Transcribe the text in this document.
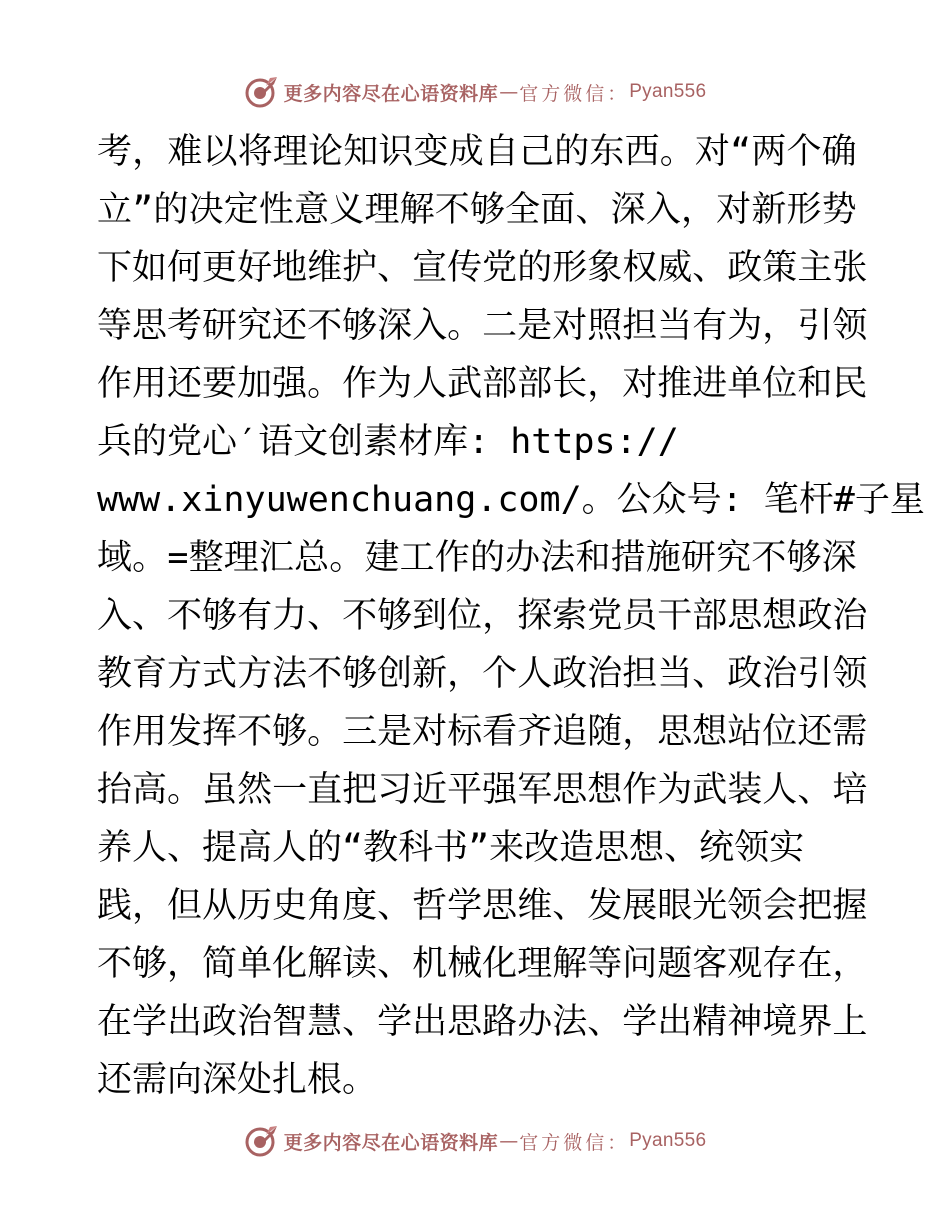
更多内容尽在心语资料库 — 官方微信： Pyan556
考 ， 难 以 将 理 论 知 识 变 成 自 己 的 东 西 。 对 “ 两 个 确
立 ” 的 决 定 性 意 义 理 解 不 够 全 面 、 深 入 ， 对 新 形 势
下 如 何 更 好 地 维 护 、 宣 传 党 的 形 象 权 威 、 政 策 主 张
等 思 考 研 究 还 不 够 深 入 。 二 是 对 照 担 当 有 为 ， 引 领
作 用 还 要 加 强 。 作 为 人 武 部 部 长 ， 对 推 进 单 位 和 民
兵的党心′语文创素材库: https://
www.xinyuwenchuang.com/。公众号: 笔杆#子星
域 。 = 整 理 汇 总 。 建 工 作 的 办 法 和 措 施 研 究 不 够 深
入 、 不 够 有 力 、 不 够 到 位 ， 探 索 党 员 干 部 思 想 政 治
教 育 方 式 方 法 不 够 创 新 ， 个 人 政 治 担 当 、 政 治 引 领
作 用 发 挥 不 够 。 三 是 对 标 看 齐 追 随 ， 思 想 站 位 还 需
抬 高 。 虽 然 一 直 把 习 近 平 强 军 思 想 作 为 武 装 人 、 培
养人、提高人的“教科书”来改造思想、统领实
践 ， 但 从 历 史 角 度 、 哲 学 思 维 、 发 展 眼 光 领 会 把 握
不 够 ， 简 单 化 解 读 、 机 械 化 理 解 等 问 题 客 观 存 在 ，
在 学 出 政 治 智 慧 、 学 出 思 路 办 法 、 学 出 精 神 境 界 上
还需向深处扎根。
更多内容尽在心语资料库 — 官方微信： Pyan556
